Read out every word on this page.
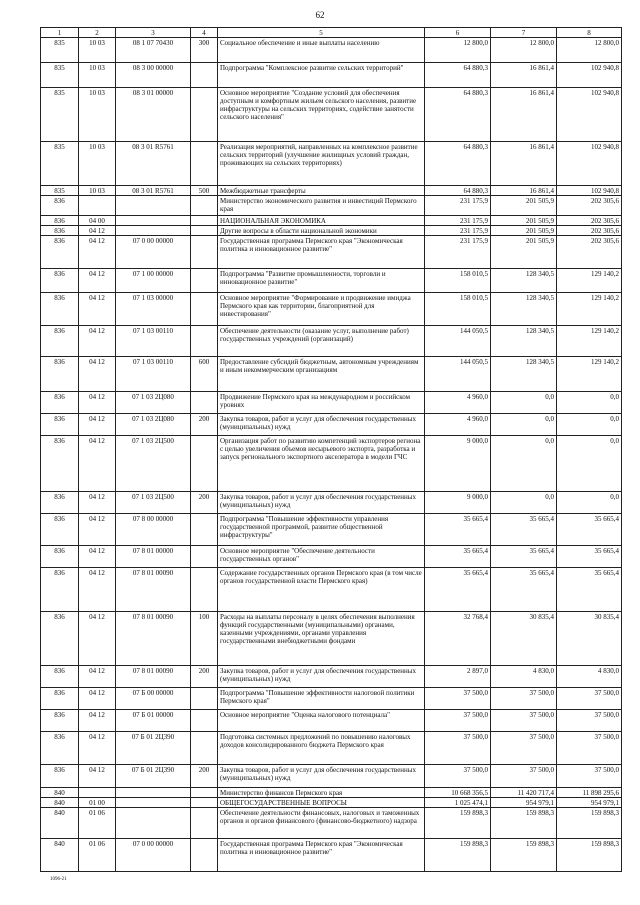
62
1	2	3	4	5	6	7	8
835	10 03	08 1 07 70430	300	Социальное обеспечение и иные выплаты населению	12 800,0	12 800,0	12 800,0
835	10 03	08 3 00 00000		Подпрограмма "Комплексное развитие сельских территорий"	64 880,3	16 861,4	102 940,8
835	10 03	08 3 01 00000		Основное мероприятие "Создание условий для обеспечения доступным и комфортным жильем сельского населения, развитие инфраструктуры на сельских территориях, содействие занятости сельского населения"	64 880,3	16 861,4	102 940,8
835	10 03	08 3 01 R5761		Реализация мероприятий, направленных на комплексное развитие сельских территорий (улучшение жилищных условий граждан, проживающих на сельских территориях)	64 880,3	16 861,4	102 940,8
835	10 03	08 3 01 R5761	500	Межбюджетные трансферты	64 880,3	16 861,4	102 940,8
836				Министерство экономического развития и инвестиций Пермского края	231 175,9	201 505,9	202 305,6
836	04 00			НАЦИОНАЛЬНАЯ ЭКОНОМИКА	231 175,9	201 505,9	202 305,6
836	04 12			Другие вопросы в области национальной экономики	231 175,9	201 505,9	202 305,6
836	04 12	07 0 00 00000		Государственная программа Пермского края "Экономическая политика и инновационное развитие"	231 175,9	201 505,9	202 305,6
836	04 12	07 1 00 00000		Подпрограмма "Развитие промышленности, торговли и инновационное развитие"	158 010,5	128 340,5	129 140,2
836	04 12	07 1 03 00000		Основное мероприятие "Формирование и продвижение имиджа Пермского края как территории, благоприятной для инвестирования"	158 010,5	128 340,5	129 140,2
836	04 12	07 1 03 00110		Обеспечение деятельности (оказание услуг, выполнение работ) государственных учреждений (организаций)	144 050,5	128 340,5	129 140,2
836	04 12	07 1 03 00110	600	Предоставление субсидий бюджетным, автономным учреждениям и иным некоммерческим организациям	144 050,5	128 340,5	129 140,2
836	04 12	07 1 03 2Ц080		Продвижение Пермского края на международном и российском уровнях	4 960,0	0,0	0,0
836	04 12	07 1 03 2Ц080	200	Закупка товаров, работ и услуг для обеспечения государственных (муниципальных) нужд	4 960,0	0,0	0,0
836	04 12	07 1 03 2Ц500		Организация работ по развитию компетенций экспортеров региона с целью увеличения объемов несырьевого экспорта, разработка и запуск регионального экспортного акселератора в модели ГЧС	9 000,0	0,0	0,0
836	04 12	07 1 03 2Ц500	200	Закупка товаров, работ и услуг для обеспечения государственных (муниципальных) нужд	9 000,0	0,0	0,0
836	04 12	07 8 00 00000		Подпрограмма "Повышение эффективности управления государственной программой, развитие общественной инфраструктуры"	35 665,4	35 665,4	35 665,4
836	04 12	07 8 01 00000		Основное мероприятие "Обеспечение деятельности государственных органов"	35 665,4	35 665,4	35 665,4
836	04 12	07 8 01 00090		Содержание государственных органов Пермского края (в том числе органов государственной власти Пермского края)	35 665,4	35 665,4	35 665,4
836	04 12	07 8 01 00090	100	Расходы на выплаты персоналу в целях обеспечения выполнения функций государственными (муниципальными) органами, казенными учреждениями, органами управления государственными внебюджетными фондами	32 768,4	30 835,4	30 835,4
836	04 12	07 8 01 00090	200	Закупка товаров, работ и услуг для обеспечения государственных (муниципальных) нужд	2 897,0	4 830,0	4 830,0
836	04 12	07 Б 00 00000		Подпрограмма "Повышение эффективности налоговой политики Пермского края"	37 500,0	37 500,0	37 500,0
836	04 12	07 Б 01 00000		Основное мероприятие "Оценка налогового потенциала"	37 500,0	37 500,0	37 500,0
836	04 12	07 Б 01 2Ц390		Подготовка системных предложений по повышению налоговых доходов консолидированного бюджета Пермского края	37 500,0	37 500,0	37 500,0
836	04 12	07 Б 01 2Ц390	200	Закупка товаров, работ и услуг для обеспечения государственных (муниципальных) нужд	37 500,0	37 500,0	37 500,0
840				Министерство финансов Пермского края	10 668 356,5	11 420 717,4	11 898 295,6
840	01 00			ОБЩЕГОСУДАРСТВЕННЫЕ ВОПРОСЫ	1 025 474,1	954 979,1	954 979,1
840	01 06			Обеспечение деятельности финансовых, налоговых и таможенных органов и органов финансового (финансово-бюджетного) надзора	159 898,3	159 898,3	159 898,3
840	01 06	07 0 00 00000		Государственная программа Пермского края "Экономическая политика и инновационное развитие"	159 898,3	159 898,3	159 898,3
1096-21
